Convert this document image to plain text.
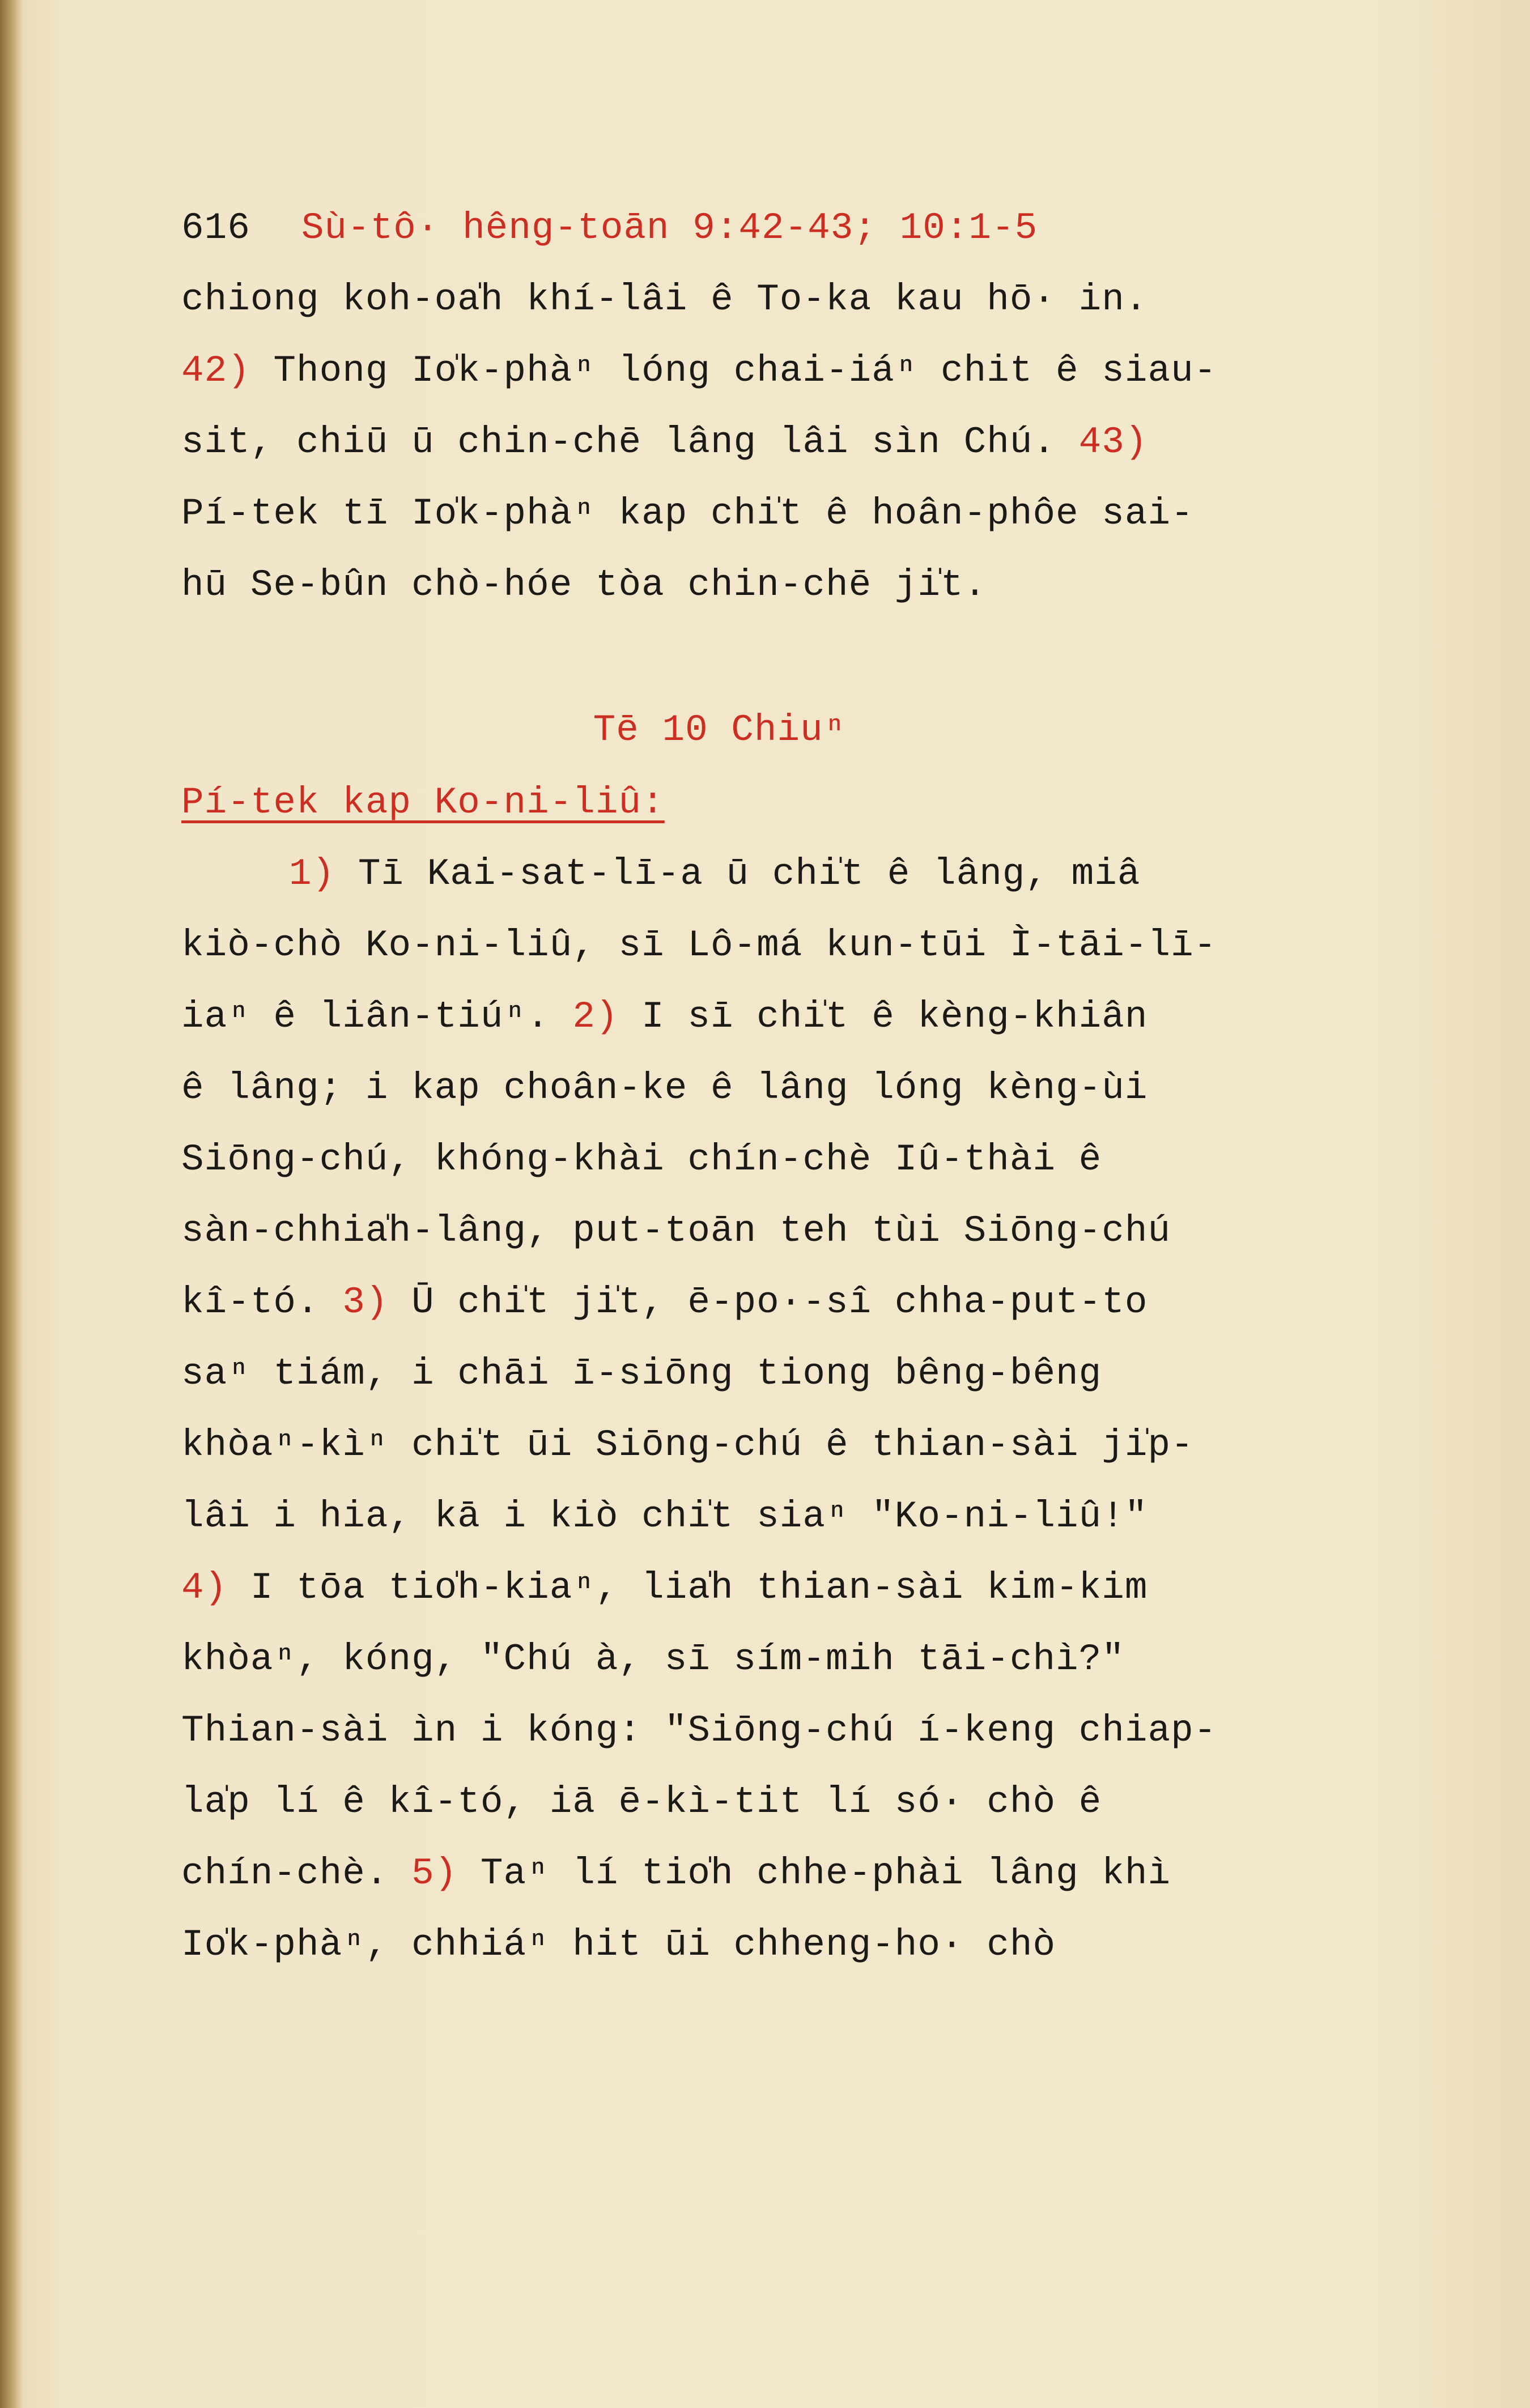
616 Sù-tô· hêng-toān 9:42-43; 10:1-5
chiong koh-oa̍h khí-lâi ê To-ka kau hō· in.
42) Thong Io̍k-phàⁿ lóng chai-iáⁿ chit ê siau-
sit, chiū ū chin-chē lâng lâi sìn Chú. 43)
Pí-tek tī Io̍k-phàⁿ kap chi̍t ê hoân-phôe sai-
hū Se-bûn chò-hóe tòa chin-chē ji̍t.
Tē 10 Chiuⁿ
Pí-tek kap Ko-ni-liû:
1) Tī Kai-sat-lī-a ū chi̍t ê lâng, miâ
kiò-chò Ko-ni-liû, sī Lô-má kun-tūi Ì-tāi-lī-
iaⁿ ê liân-tiúⁿ. 2) I sī chi̍t ê kèng-khiân
ê lâng; i kap choân-ke ê lâng lóng kèng-ùi
Siōng-chú, khóng-khài chín-chè Iû-thài ê
sàn-chhia̍h-lâng, put-toān teh tùi Siōng-chú
kî-tó. 3) Ū chi̍t ji̍t, ē-po·-sî chha-put-to
saⁿ tiám, i chāi ī-siōng tiong bêng-bêng
khòaⁿ-kìⁿ chi̍t ūi Siōng-chú ê thian-sài ji̍p-
lâi i hia, kā i kiò chi̍t siaⁿ "Ko-ni-liû!"
4) I tōa tio̍h-kiaⁿ, lia̍h thian-sài kim-kim
khòaⁿ, kóng, "Chú à, sī sím-mih tāi-chì?"
Thian-sài ìn i kóng: "Siōng-chú í-keng chiap-
la̍p lí ê kî-tó, iā ē-kì-tit lí só· chò ê
chín-chè. 5) Taⁿ lí tio̍h chhe-phài lâng khì
Io̍k-phàⁿ, chhiáⁿ hit ūi chheng-ho· chò
